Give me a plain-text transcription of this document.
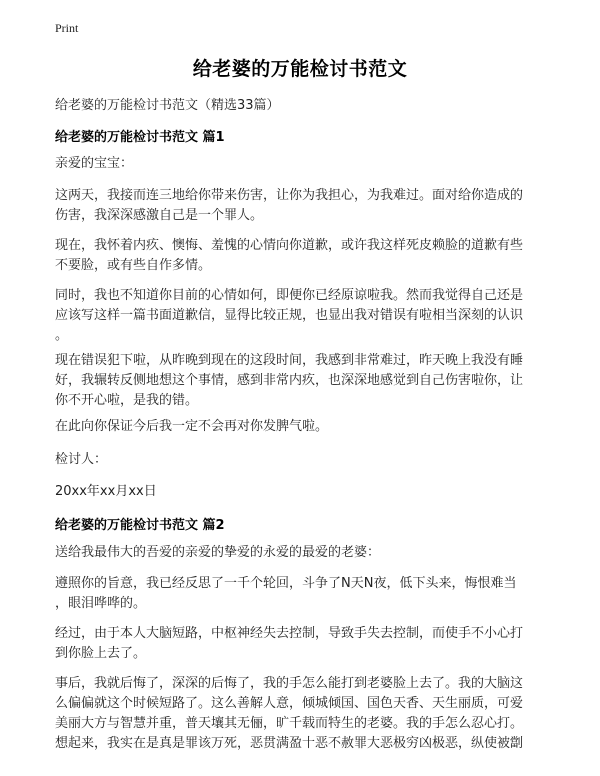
Print
给老婆的万能检讨书范文
给老婆的万能检讨书范文（精选33篇）
给老婆的万能检讨书范文 篇1

亲爱的宝宝：

这两天，我接而连三地给你带来伤害，让你为我担心，为我难过。面对给你造成的
伤害，我深深感激自己是一个罪人。

现在，我怀着内疚、懊悔、羞愧的心情向你道歉，或许我这样死皮赖脸的道歉有些
不要脸，或有些自作多情。

同时，我也不知道你目前的心情如何，即便你已经原谅啦我。然而我觉得自己还是
应该写这样一篇书面道歉信，显得比较正规，也显出我对错误有啦相当深刻的认识
。

现在错误犯下啦，从昨晚到现在的这段时间，我感到非常难过，昨天晚上我没有睡
好，我辗转反侧地想这个事情，感到非常内疚，也深深地感觉到自己伤害啦你，让
你不开心啦，是我的错。

在此向你保证今后我一定不会再对你发脾气啦。

检讨人：

20xx年xx月xx日

给老婆的万能检讨书范文 篇2

送给我最伟大的吾爱的亲爱的挚爱的永爱的最爱的老婆：

遵照你的旨意，我已经反思了一千个轮回，斗争了N天N夜，低下头来，悔恨难当
，眼泪哗哗的。

经过，由于本人大脑短路，中枢神经失去控制，导致手失去控制，而使手不小心打
到你脸上去了。

事后，我就后悔了，深深的后悔了，我的手怎么能打到老婆脸上去了。我的大脑这
么偏偏就这个时候短路了。这么善解人意，倾城倾国、国色天香、天生丽质，可爱
美丽大方与智慧并重，普天壤其无俪，旷千载而特生的老婆。我的手怎么忍心打。
想起来，我实在是真是罪该万死，恶贯满盈十恶不赦罪大恶极穷凶极恶，纵使被劏
